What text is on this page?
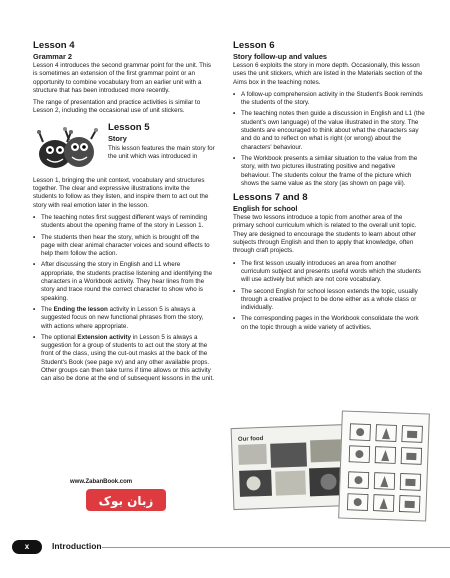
Lesson 4
Grammar 2

Lesson 4 introduces the second grammar point for the unit. This is sometimes an extension of the first grammar point or an opportunity to combine vocabulary from an earlier unit with a structure that has been introduced more recently.

The range of presentation and practice activities is similar to Lesson 2, including the occasional use of unit stickers.

Lesson 5
Story

This lesson features the main story for the unit which was introduced in

Lesson 1, bringing the unit context, vocabulary and structures together. The clear and expressive illustrations invite the students to follow as they listen, and inspire them to act out the story with real emotion later in the lesson.

• The teaching notes first suggest different ways of reminding students about the opening frame of the story in Lesson 1.
• The students then hear the story, which is brought off the page with clear animal character voices and sound effects to help them follow the action.
• After discussing the story in English and L1 where appropriate, the students practise listening and identifying the characters in a Workbook activity. They hear lines from the story and trace round the correct character to show who is speaking.
• The Ending the lesson activity in Lesson 5 is always a suggested focus on new functional phrases from the story, with actions where appropriate.
• The optional Extension activity in Lesson 5 is always a suggestion for a group of students to act out the story at the front of the class, using the cut-out masks at the back of the Student's Book (see page xv) and any other available props. Other groups can then take turns if time allows or this activity can also be done at the end of subsequent lessons in the unit.
Lesson 6
Story follow-up and values

Lesson 6 exploits the story in more depth. Occasionally, this lesson uses the unit stickers, which are listed in the Materials section of the Aims box in the teaching notes.

• A follow-up comprehension activity in the Student's Book reminds the students of the story.
• The teaching notes then guide a discussion in English and L1 (the student's own language) of the value illustrated in the story. The students are encouraged to think about what the characters say and do and to reflect on what is right (or wrong) about the characters' behaviour.
• The Workbook presents a similar situation to the value from the story, with two pictures illustrating positive and negative behaviour. The students colour the frame of the picture which shows the same value as the story (as shown on page viii).
Lessons 7 and 8
English for school

These two lessons introduce a topic from another area of the primary school curriculum which is related to the overall unit topic. They are designed to encourage the students to learn about other subjects through English and then to apply that knowledge, often through craft projects.

• The first lesson usually introduces an area from another curriculum subject and presents useful words which the students will use actively but which are not core vocabulary.
• The second English for school lesson extends the topic, usually through a creative project to be done either as a whole class or individually.
• The corresponding pages in the Workbook consolidate the work on the topic through a wide variety of activities.
Our food
www.ZabanBook.com
زبان بوک
x	Introduction
